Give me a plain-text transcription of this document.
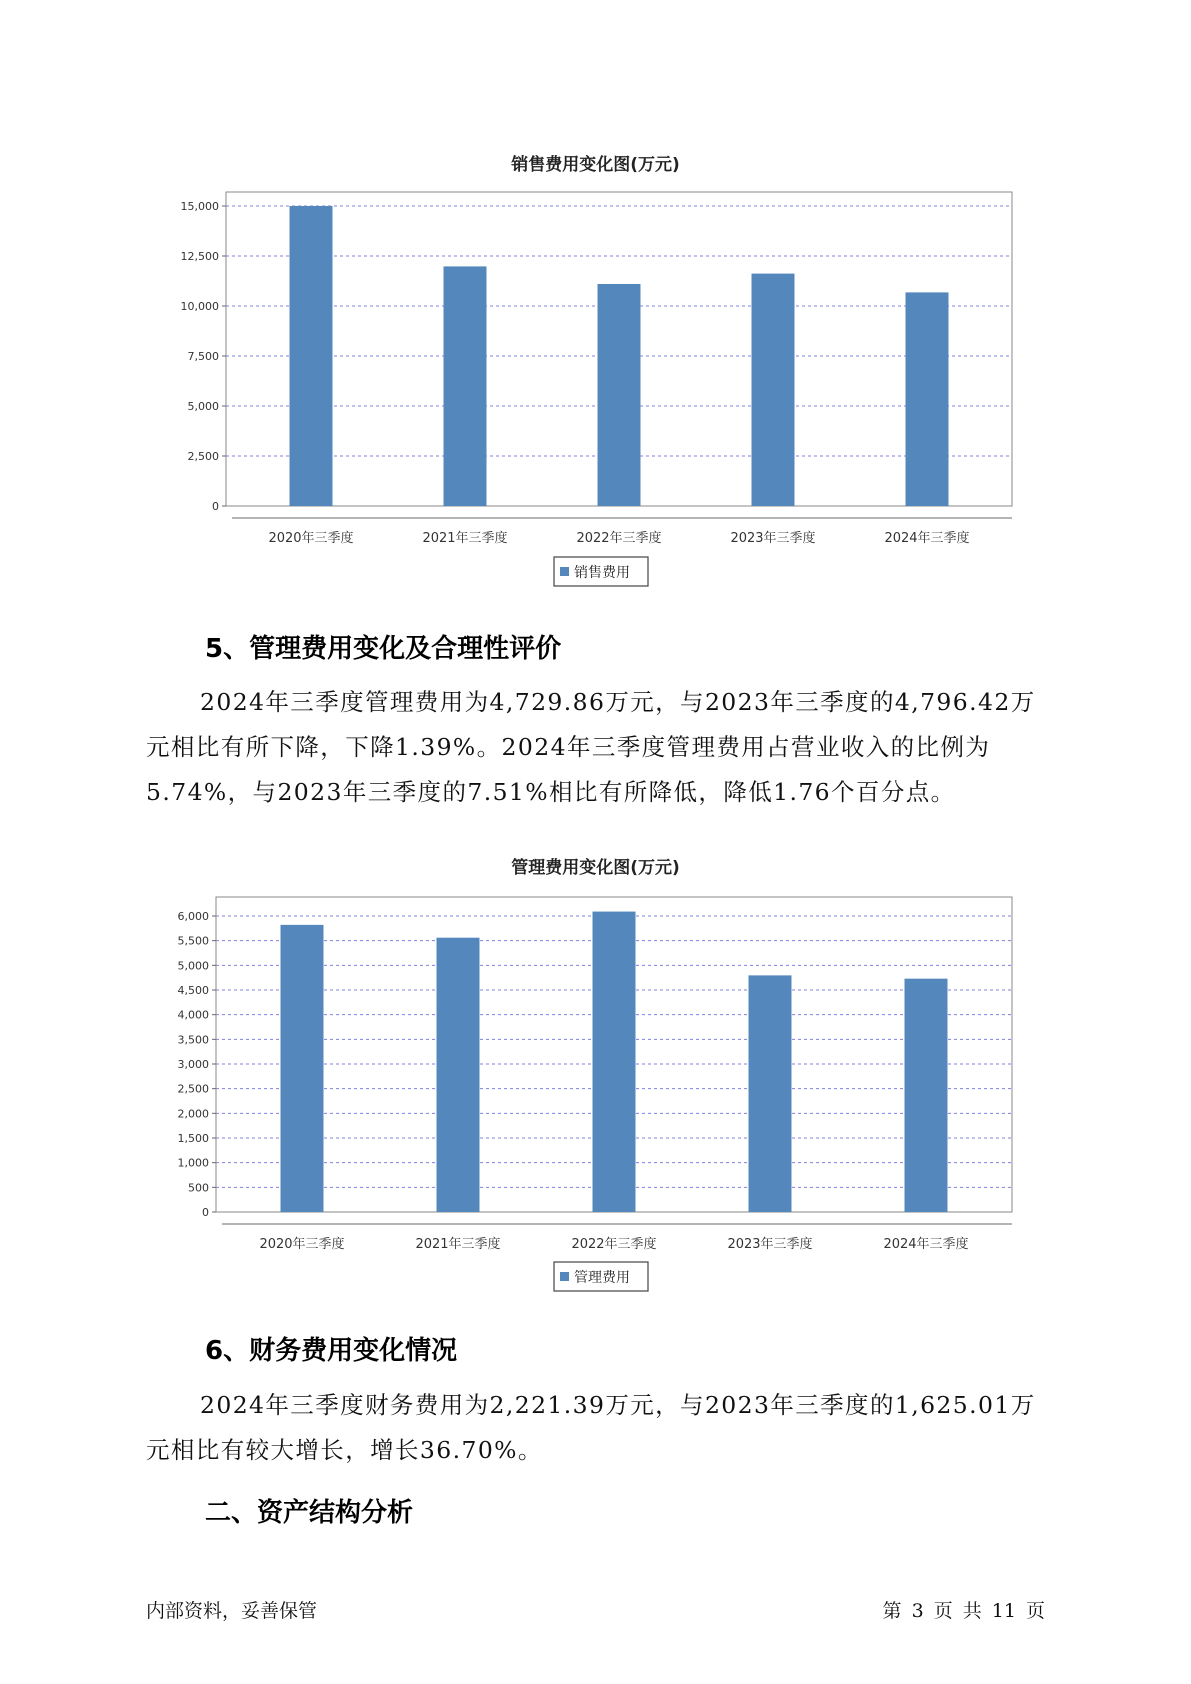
销售费用变化图(万元)
0
2,500
5,000
7,500
10,000
12,500
15,000
2020年三季度	2021年三季度	2022年三季度	2023年三季度	2024年三季度
销售费用
5、管理费用变化及合理性评价

2024年三季度管理费用为4,729.86万元，与2023年三季度的4,796.42万元相比有所下降，下降1.39%。2024年三季度管理费用占营业收入的比例为5.74%，与2023年三季度的7.51%相比有所降低，降低1.76个百分点。

管理费用变化图(万元)
0
500
1,000
1,500
2,000
2,500
3,000
3,500
4,000
4,500
5,000
5,500
6,000
2020年三季度	2021年三季度	2022年三季度	2023年三季度	2024年三季度
管理费用
6、财务费用变化情况

2024年三季度财务费用为2,221.39万元，与2023年三季度的1,625.01万元相比有较大增长，增长36.70%。

二、资产结构分析
内部资料，妥善保管	第 3 页 共 11 页
